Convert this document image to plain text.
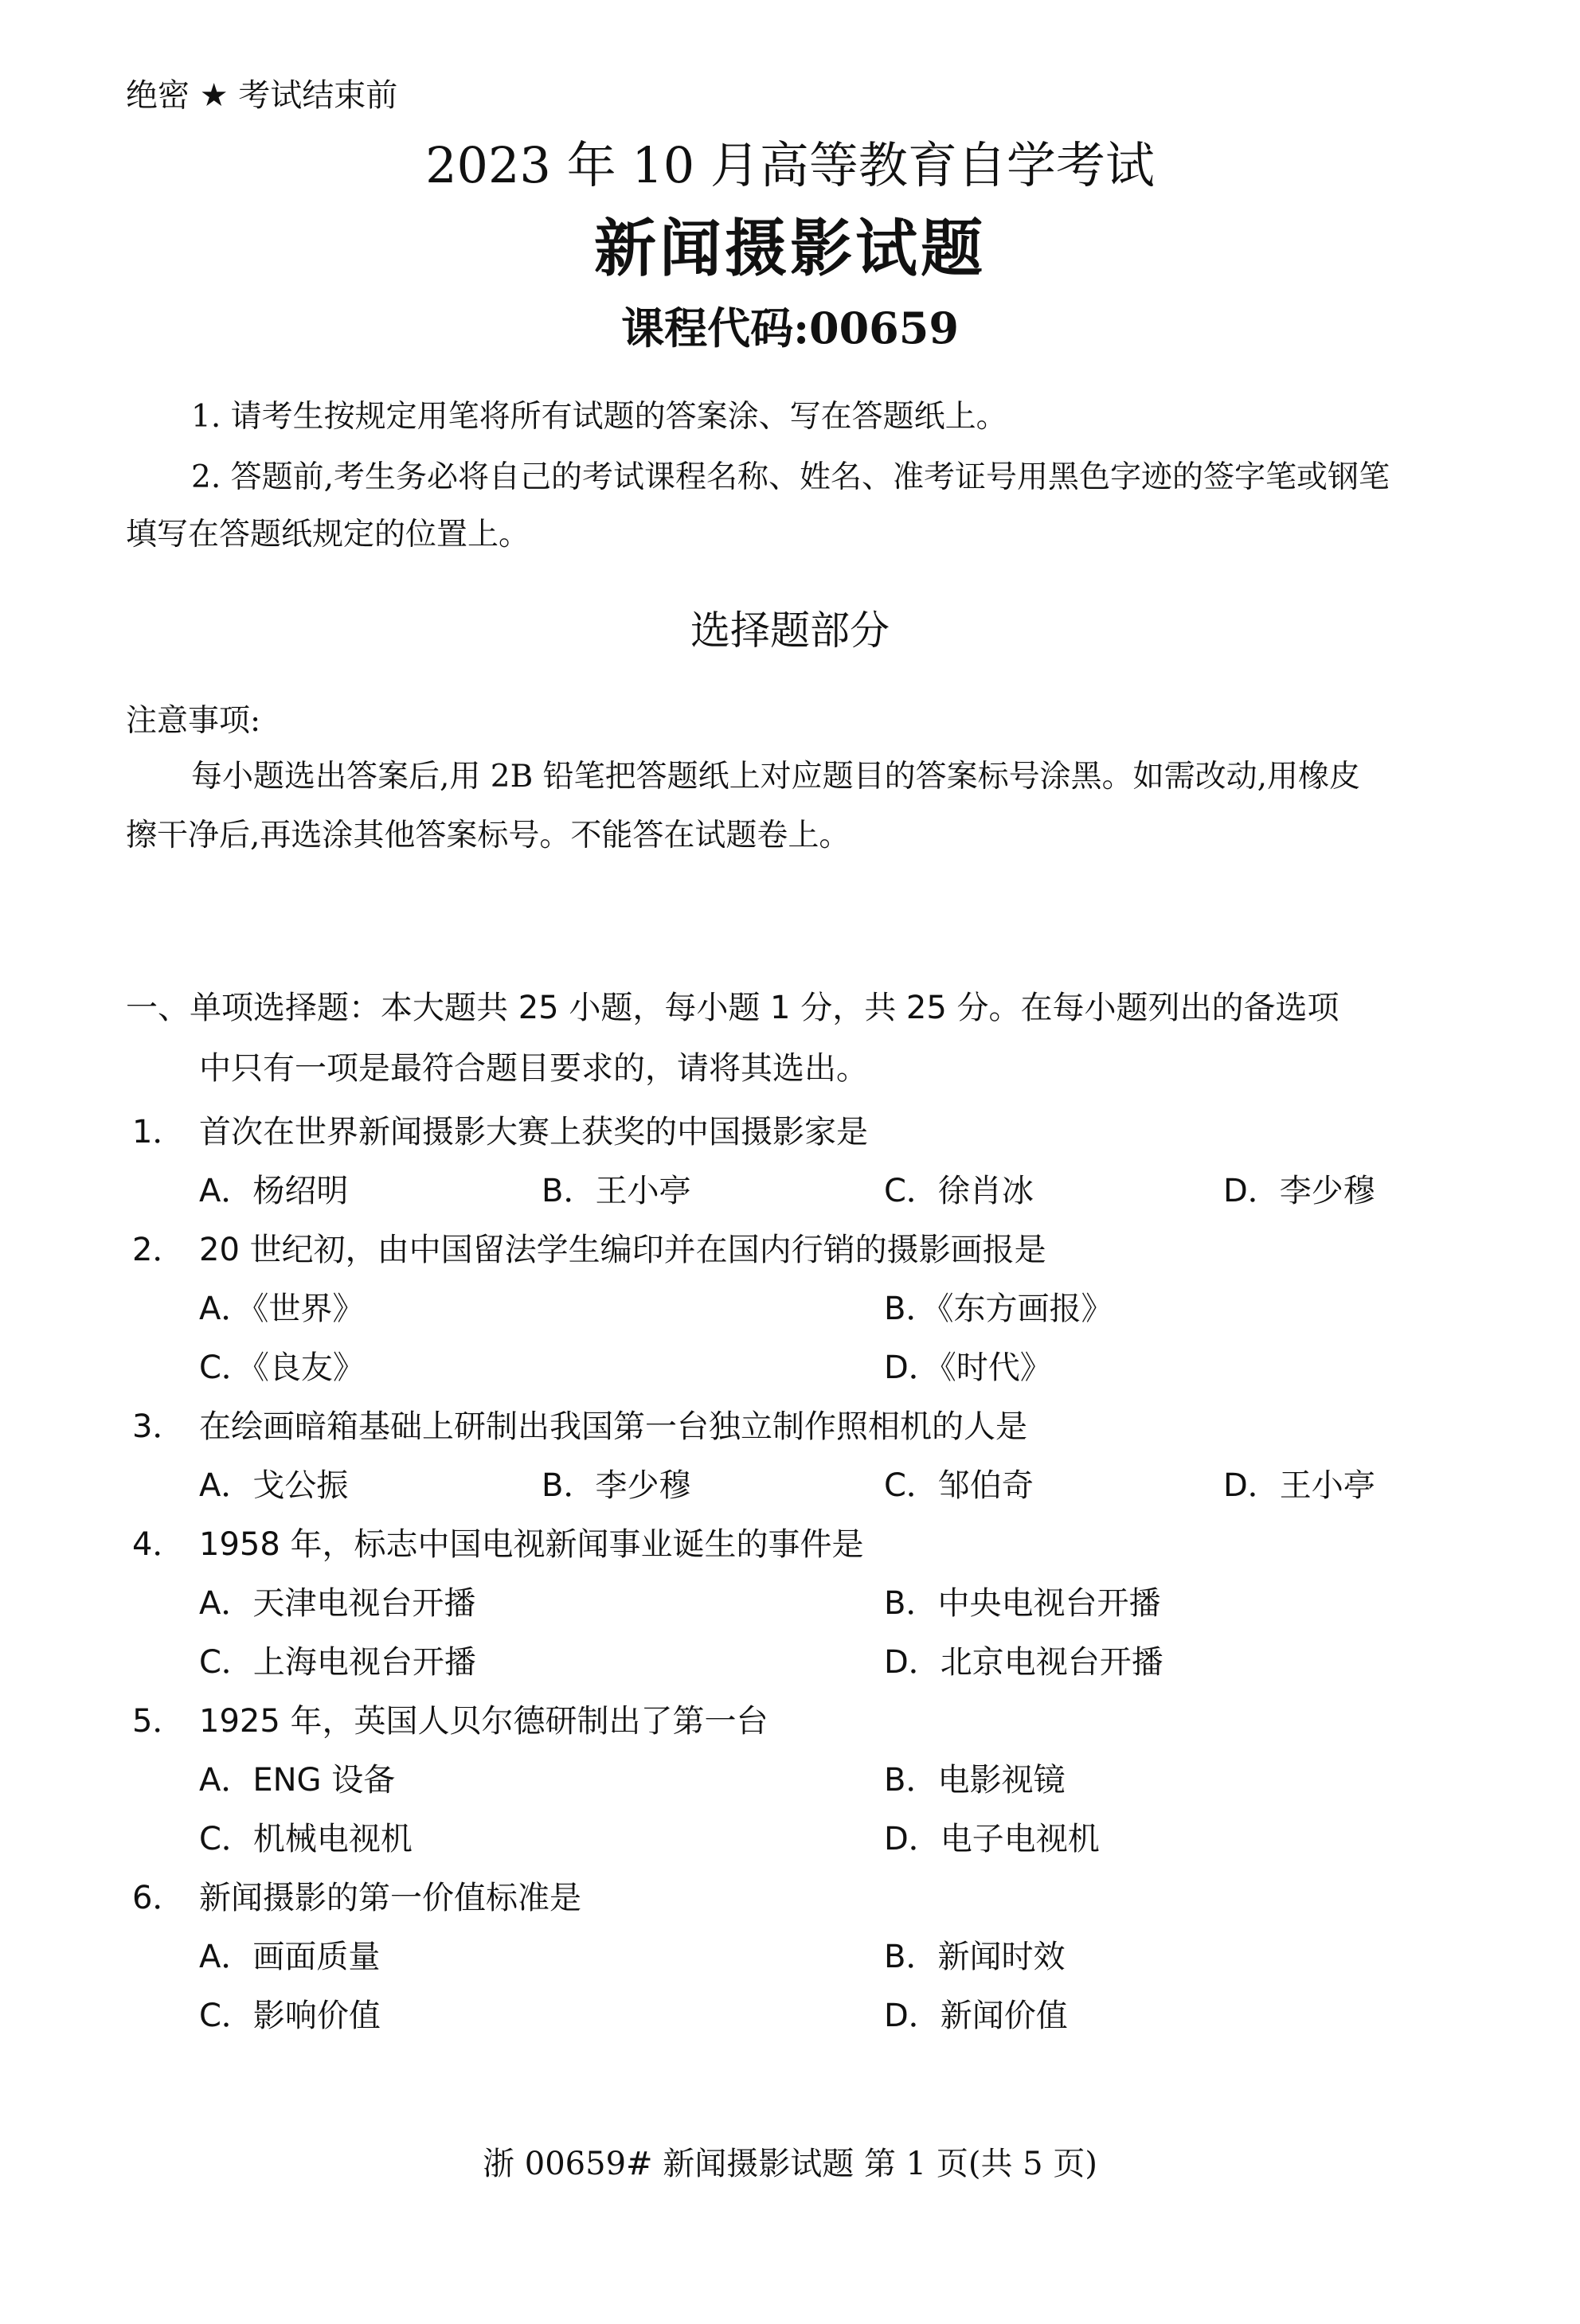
绝密 ★ 考试结束前
2023 年 10 月高等教育自学考试
新闻摄影试题
课程代码:00659
1. 请考生按规定用笔将所有试题的答案涂、写在答题纸上。
2. 答题前,考生务必将自己的考试课程名称、姓名、准考证号用黑色字迹的签字笔或钢笔
填写在答题纸规定的位置上。
选择题部分
注意事项:
每小题选出答案后,用 2B 铅笔把答题纸上对应题目的答案标号涂黑。如需改动,用橡皮
擦干净后,再选涂其他答案标号。不能答在试题卷上。
一、单项选择题：本大题共 25 小题，每小题 1 分，共 25 分。在每小题列出的备选项
中只有一项是最符合题目要求的，请将其选出。
1． 首次在世界新闻摄影大赛上获奖的中国摄影家是
A．杨绍明	B．王小亭	C．徐肖冰	D．李少穆
2． 20 世纪初，由中国留法学生编印并在国内行销的摄影画报是
A．《世界》	B．《东方画报》
C．《良友》	D．《时代》
3． 在绘画暗箱基础上研制出我国第一台独立制作照相机的人是
A．戈公振	B．李少穆	C．邹伯奇	D．王小亭
4． 1958 年，标志中国电视新闻事业诞生的事件是
A．天津电视台开播	B．中央电视台开播
C．上海电视台开播	D．北京电视台开播
5． 1925 年，英国人贝尔德研制出了第一台
A．ENG 设备	B．电影视镜
C．机械电视机	D．电子电视机
6． 新闻摄影的第一价值标准是
A．画面质量	B．新闻时效
C．影响价值	D．新闻价值
浙 00659# 新闻摄影试题 第 1 页(共 5 页)
